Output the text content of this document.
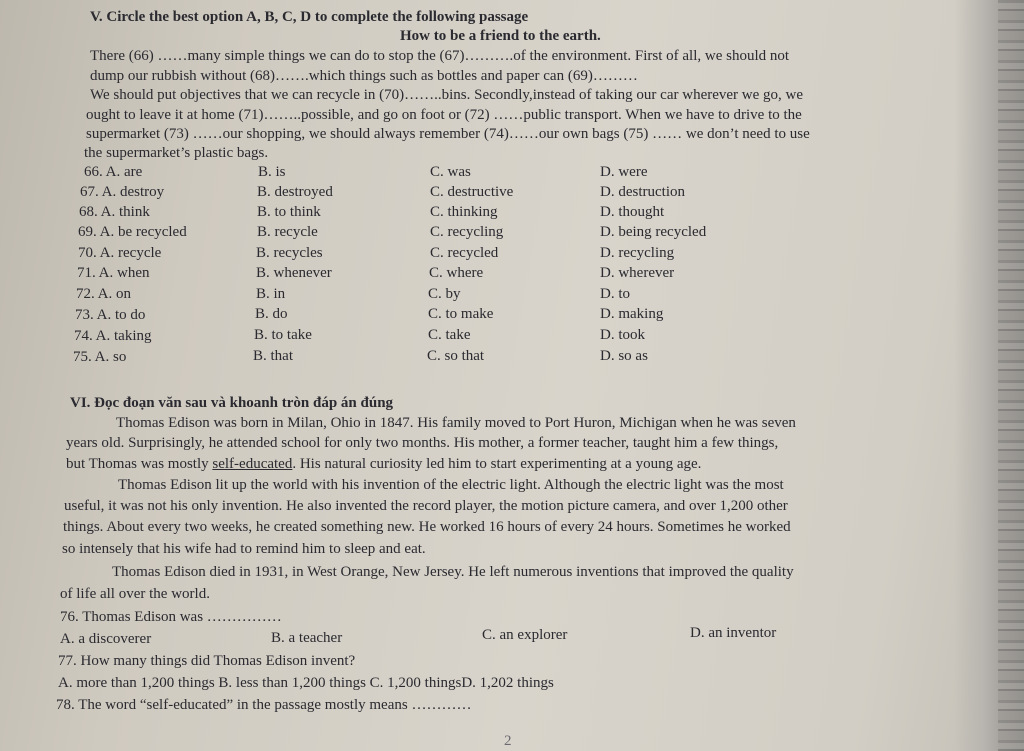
V. Circle the best option A, B, C, D to complete the following passage
How to be a friend to the earth.
There (66) ……many simple things we can do to stop the (67)……….of the environment. First of all, we should not
dump our rubbish without (68)…….which things such as bottles and paper can (69)………
We should put objectives that we can recycle in (70)……..bins. Secondly,instead of taking our car wherever we go, we
ought to leave it at home (71)……..possible, and go on foot or (72) ……public transport. When we have to drive to the
supermarket (73) ……our shopping, we should always remember (74)……our own bags (75) …… we don’t need to use
the supermarket’s plastic bags.
66. A. are	B. is	C. was	D. were
67. A. destroy	B. destroyed	C. destructive	D. destruction
68. A. think	B. to think	C. thinking	D. thought
69. A. be recycled	B. recycle	C. recycling	D. being recycled
70. A. recycle	B. recycles	C. recycled	D. recycling
71. A. when	B. whenever	C. where	D. wherever
72. A. on	B. in	C. by	D. to
73. A. to do	B. do	C. to make	D. making
74. A. taking	B. to take	C. take	D. took
75. A. so	B. that	C. so that	D. so as
VI. Đọc đoạn văn sau và khoanh tròn đáp án đúng
Thomas Edison was born in Milan, Ohio in 1847. His family moved to Port Huron, Michigan when he was seven
years old. Surprisingly, he attended school for only two months. His mother, a former teacher, taught him a few things,
but Thomas was mostly self-educated. His natural curiosity led him to start experimenting at a young age.
Thomas Edison lit up the world with his invention of the electric light. Although the electric light was the most
useful, it was not his only invention. He also invented the record player, the motion picture camera, and over 1,200 other
things. About every two weeks, he created something new. He worked 16 hours of every 24 hours. Sometimes he worked
so intensely that his wife had to remind him to sleep and eat.
Thomas Edison died in 1931, in West Orange, New Jersey. He left numerous inventions that improved the quality
of life all over the world.
76. Thomas Edison was ……………
A. a discoverer	B. a teacher	C. an explorer	D. an inventor
77. How many things did Thomas Edison invent?
A. more than 1,200 things B. less than 1,200 things C. 1,200 thingsD. 1,202 things
78. The word “self-educated” in the passage mostly means …………
2
